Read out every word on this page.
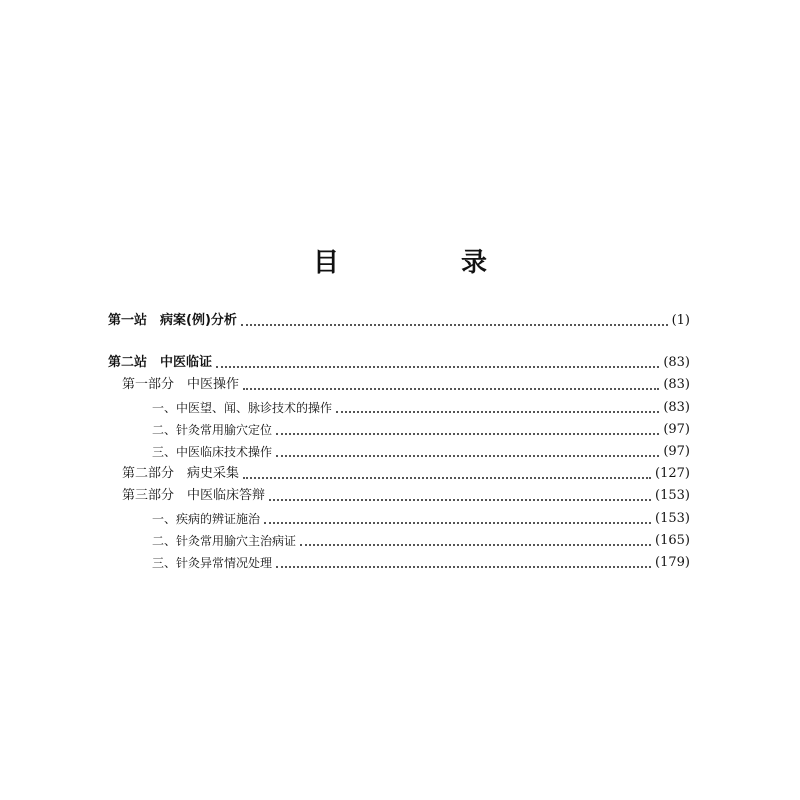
目　录
第一站　病案(例)分析	(1)
第二站　中医临证	(83)
第一部分　中医操作	(83)
一、中医望、闻、脉诊技术的操作	(83)
二、针灸常用腧穴定位	(97)
三、中医临床技术操作	(97)
第二部分　病史采集	(127)
第三部分　中医临床答辩	(153)
一、疾病的辨证施治	(153)
二、针灸常用腧穴主治病证	(165)
三、针灸异常情况处理	(179)
